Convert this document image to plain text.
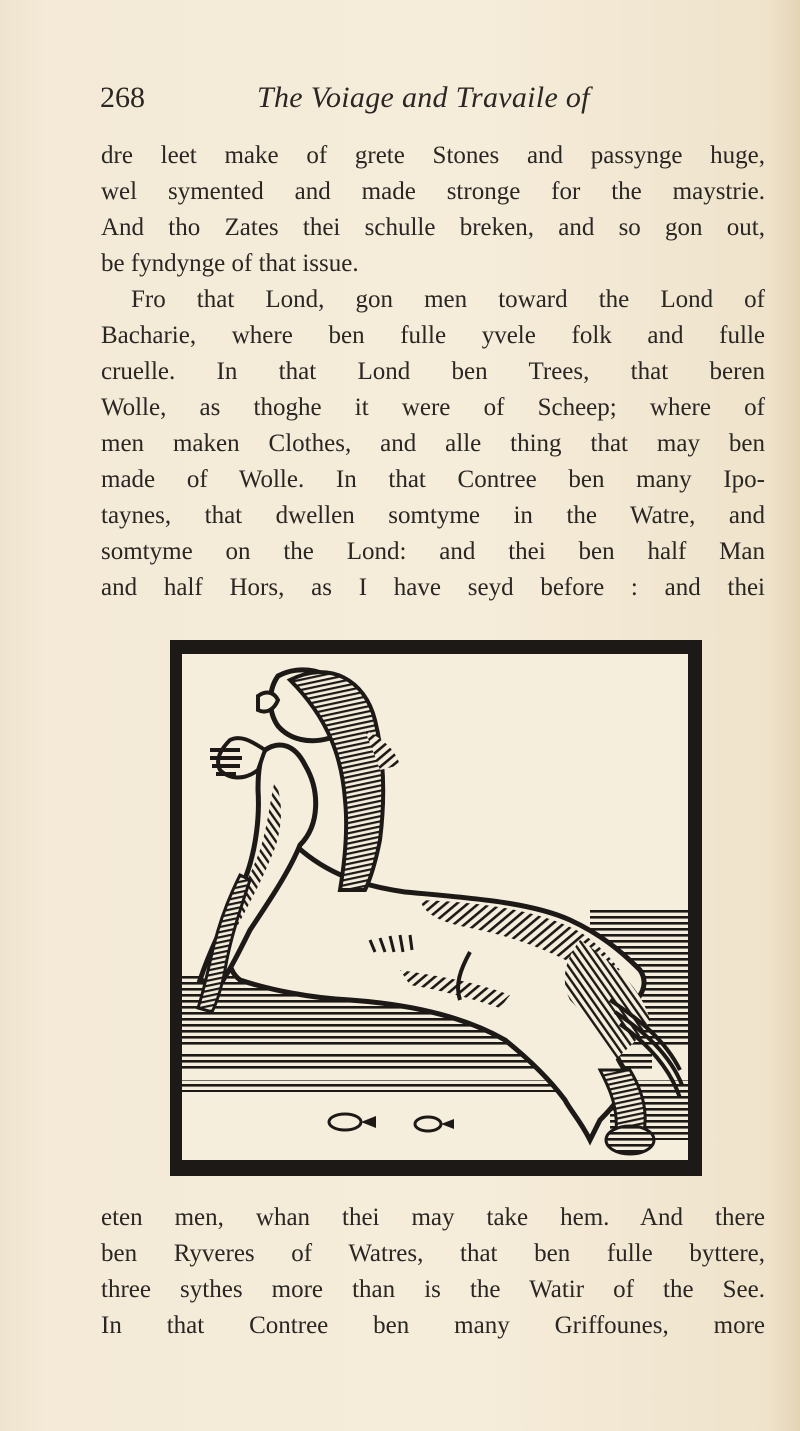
268	The Voiage and Travaile of
dre leet make of grete Stones and passynge huge,
wel symented and made stronge for the maystrie.
And tho Zates thei schulle breken, and so gon out,
be fyndynge of that issue.
Fro that Lond, gon men toward the Lond of
Bacharie, where ben fulle yvele folk and fulle
cruelle. In that Lond ben Trees, that beren
Wolle, as thoghe it were of Scheep; where of
men maken Clothes, and alle thing that may ben
made of Wolle. In that Contree ben many Ipo-
taynes, that dwellen somtyme in the Watre, and
somtyme on the Lond: and thei ben half Man
and half Hors, as I have seyd before : and thei
eten men, whan thei may take hem. And there
ben Ryveres of Watres, that ben fulle byttere,
three sythes more than is the Watir of the See.
In that Contree ben many Griffounes, more
